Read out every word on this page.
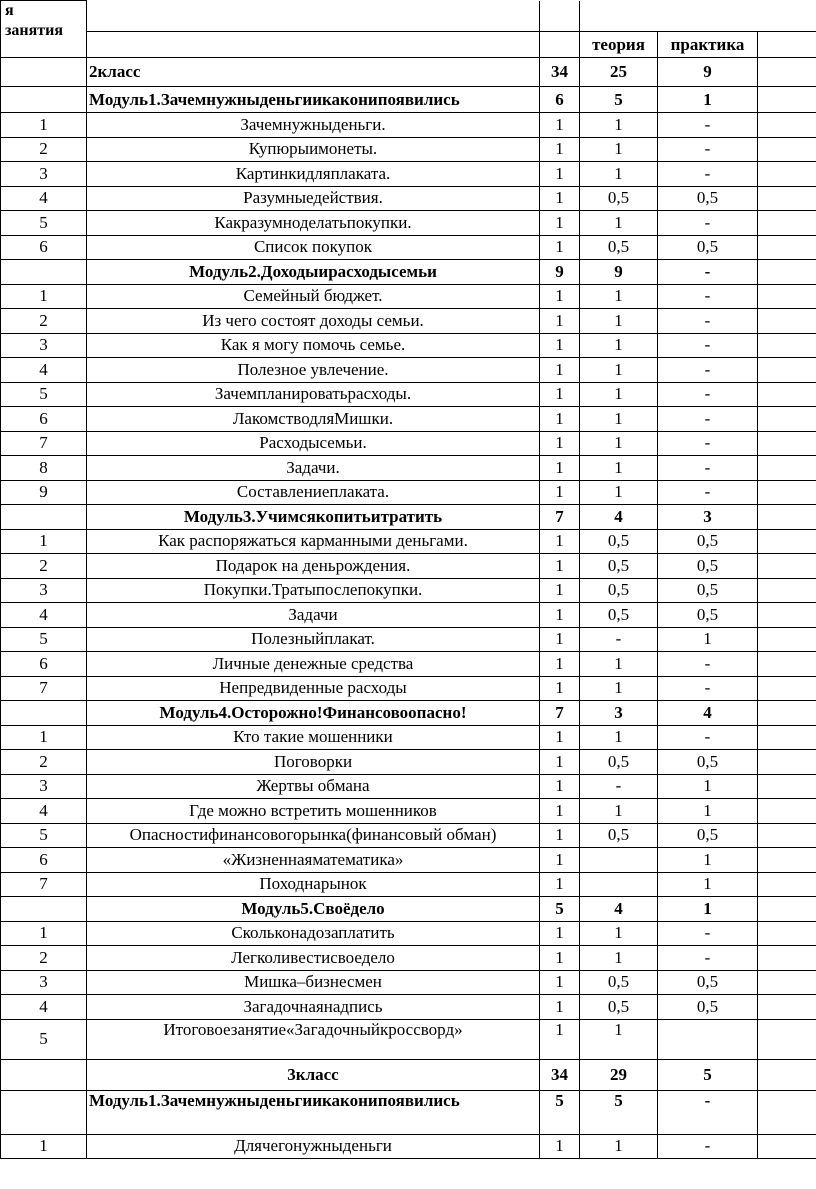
я
занятия					
			теория	практика	
	2класс	34	25	9	
	Модуль1.Зачемнужныденьгиикаконипоявились	6	5	1	
1	Зачемнужныденьги.	1	1	-	
2	Купюрыимонеты.	1	1	-	
3	Картинкидляплаката.	1	1	-	
4	Разумныедействия.	1	0,5	0,5	
5	Какразумноделатьпокупки.	1	1	-	
6	Список покупок	1	0,5	0,5	
	Модуль2.Доходыирасходысемьи	9	9	-	
1	Семейный бюджет.	1	1	-	
2	Из чего состоят доходы семьи.	1	1	-	
3	Как я могу помочь семье.	1	1	-	
4	Полезное увлечение.	1	1	-	
5	Зачемпланироватьрасходы.	1	1	-	
6	ЛакомстводляМишки.	1	1	-	
7	Расходысемьи.	1	1	-	
8	Задачи.	1	1	-	
9	Составлениеплаката.	1	1	-	
	Модуль3.Учимсякопитьитратить	7	4	3	
1	Как распоряжаться карманными деньгами.	1	0,5	0,5	
2	Подарок на деньрождения.	1	0,5	0,5	
3	Покупки.Тратыпослепокупки.	1	0,5	0,5	
4	Задачи	1	0,5	0,5	
5	Полезныйплакат.	1	-	1	
6	Личные денежные средства	1	1	-	
7	Непредвиденные расходы	1	1	-	
	Модуль4.Осторожно!Финансовоопасно!	7	3	4	
1	Кто такие мошенники	1	1	-	
2	Поговорки	1	0,5	0,5	
3	Жертвы обмана	1	-	1	
4	Где можно встретить мошенников	1	1	1	
5	Опасностифинансовогорынка(финансовый обман)	1	0,5	0,5	
6	«Жизненнаяматематика»	1		1	
7	Походнарынок	1		1	
	Модуль5.Своёдело	5	4	1	
1	Скольконадозаплатить	1	1	-	
2	Легколивестисвоедело	1	1	-	
3	Мишка–бизнесмен	1	0,5	0,5	
4	Загадочнаянадпись	1	0,5	0,5	
5	Итоговоезанятие«Загадочныйкроссворд»	1	1		
	3класс	34	29	5	
	Модуль1.Зачемнужныденьгиикаконипоявились	5	5	-	
1	Длячегонужныденьги	1	1	-	
